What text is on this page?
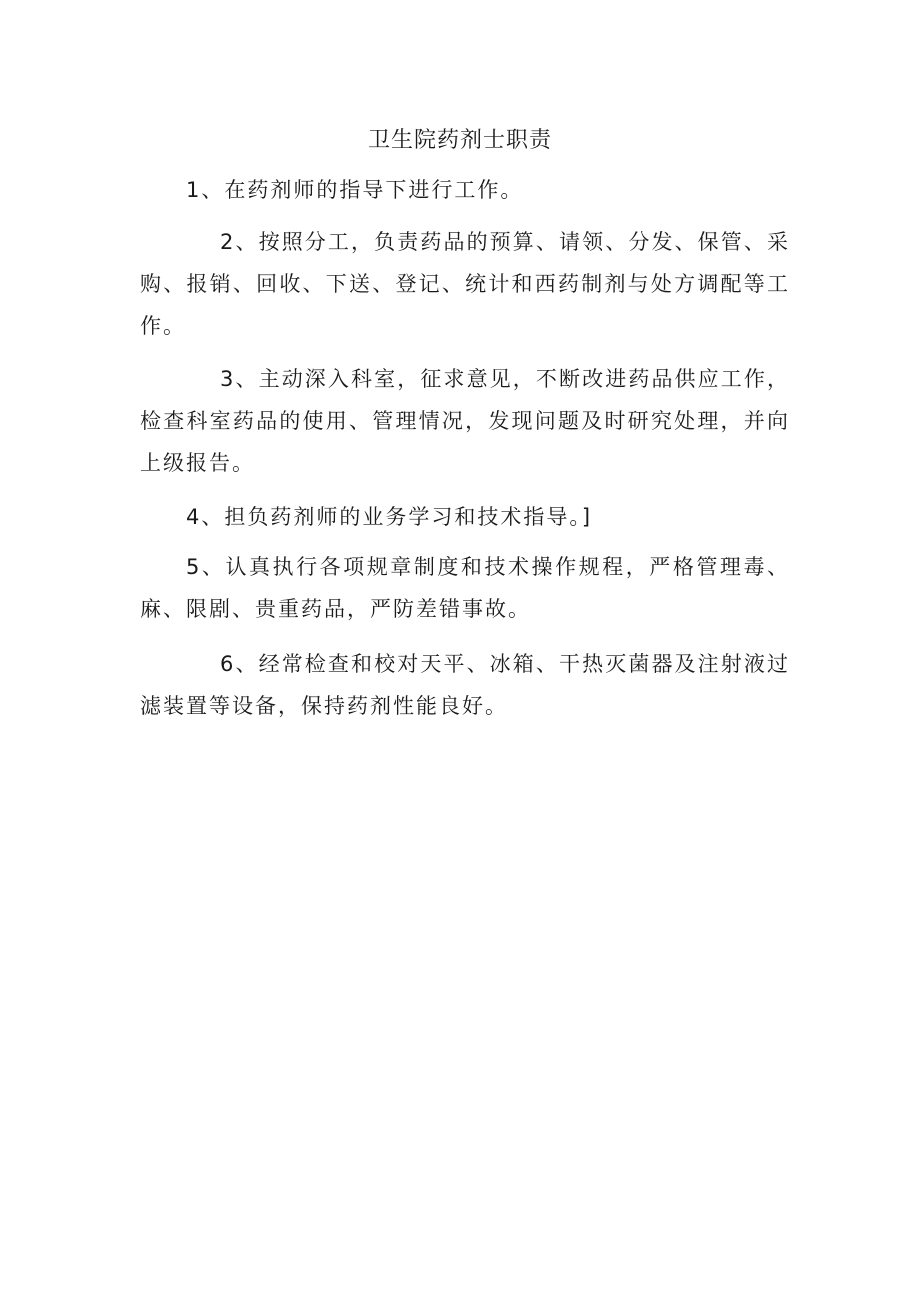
卫生院药剂士职责
1、在药剂师的指导下进行工作。
2、按照分工，负责药品的预算、请领、分发、保管、采购、报销、回收、下送、登记、统计和西药制剂与处方调配等工作。
3、主动深入科室，征求意见，不断改进药品供应工作，检查科室药品的使用、管理情况，发现问题及时研究处理，并向上级报告。
4、担负药剂师的业务学习和技术指导。]
5、认真执行各项规章制度和技术操作规程，严格管理毒、麻、限剧、贵重药品，严防差错事故。
6、经常检查和校对天平、冰箱、干热灭菌器及注射液过滤装置等设备，保持药剂性能良好。
